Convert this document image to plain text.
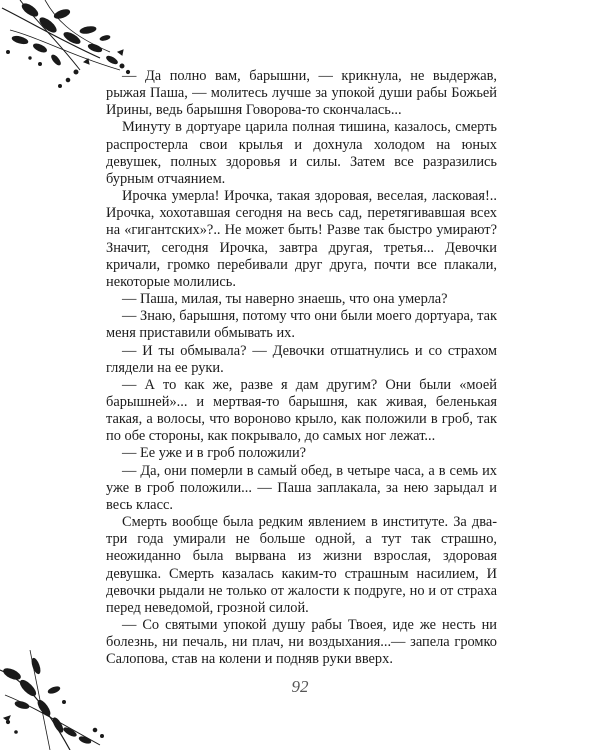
— Да полно вам, барышни, — крикнула, не выдержав, рыжая Паша, — молитесь лучше за упокой души рабы Божьей Ирины, ведь барышня Говорова-то скончалась...

Минуту в дортуаре царила полная тишина, казалось, смерть распростерла свои крылья и дохнула холодом на юных девушек, полных здоровья и силы. Затем все разразились бурным отчаянием.

Ирочка умерла! Ирочка, такая здоровая, веселая, ласковая!.. Ирочка, хохотавшая сегодня на весь сад, перетягивавшая всех на «гигантских»?.. Не может быть! Разве так быстро умирают? Значит, сегодня Ирочка, завтра другая, третья... Девочки кричали, громко перебивали друг друга, почти все плакали, некоторые молились.

— Паша, милая, ты наверно знаешь, что она умерла?

— Знаю, барышня, потому что они были моего дортуара, так меня приставили обмывать их.

— И ты обмывала? — Девочки отшатнулись и со страхом глядели на ее руки.

— А то как же, разве я дам другим? Они были «моей барышней»... и мертвая-то барышня, как живая, беленькая такая, а волосы, что вороново крыло, как положили в гроб, так по обе стороны, как покрывало, до самых ног лежат...

— Ее уже и в гроб положили?

— Да, они померли в самый обед, в четыре часа, а в семь их уже в гроб положили... — Паша заплакала, за нею зарыдал и весь класс.

Смерть вообще была редким явлением в институте. За два-три года умирали не больше одной, а тут так страшно, неожиданно была вырвана из жизни взрослая, здоровая девушка. Смерть казалась каким-то страшным насилием, И девочки рыдали не только от жалости к подруге, но и от страха перед неведомой, грозной силой.

— Со святыми упокой душу рабы Твоея, иде же несть ни болезнь, ни печаль, ни плач, ни воздыхания...— запела громко Салопова, став на колени и подняв руки вверх.

92
